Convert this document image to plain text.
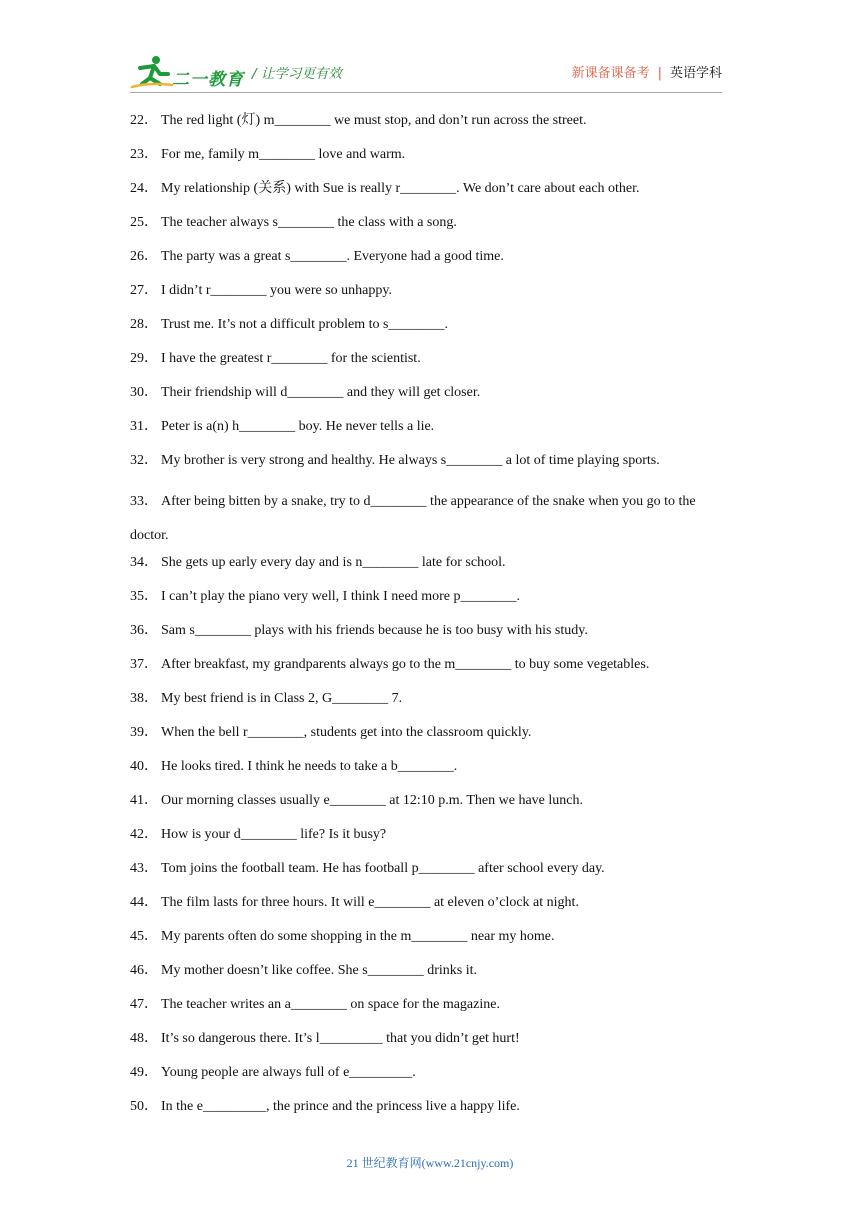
二一教育 / 让学习更有效	新课备课备考 | 英语学科
22． The red light (灯) m________ we must stop, and don’t run across the street.
23． For me, family m________ love and warm.
24． My relationship (关系) with Sue is really r________. We don’t care about each other.
25． The teacher always s________ the class with a song.
26． The party was a great s________. Everyone had a good time.
27． I didn’t r________ you were so unhappy.
28． Trust me. It’s not a difficult problem to s________.
29． I have the greatest r________ for the scientist.
30． Their friendship will d________ and they will get closer.
31． Peter is a(n) h________ boy. He never tells a lie.
32． My brother is very strong and healthy. He always s________ a lot of time playing sports.
33． After being bitten by a snake, try to d________ the appearance of the snake when you go to the doctor.
34． She gets up early every day and is n________ late for school.
35． I can’t play the piano very well, I think I need more p________.
36． Sam s________ plays with his friends because he is too busy with his study.
37． After breakfast, my grandparents always go to the m________ to buy some vegetables.
38． My best friend is in Class 2, G________ 7.
39． When the bell r________, students get into the classroom quickly.
40． He looks tired. I think he needs to take a b________.
41． Our morning classes usually e________ at 12:10 p.m. Then we have lunch.
42． How is your d________ life? Is it busy?
43． Tom joins the football team. He has football p________ after school every day.
44． The film lasts for three hours. It will e________ at eleven o’clock at night.
45． My parents often do some shopping in the m________ near my home.
46． My mother doesn’t like coffee. She s________ drinks it.
47． The teacher writes an a________ on space for the magazine.
48． It’s so dangerous there. It’s l_________ that you didn’t get hurt!
49． Young people are always full of e_________.
50． In the e_________, the prince and the princess live a happy life.
21 世纪教育网(www.21cnjy.com)
